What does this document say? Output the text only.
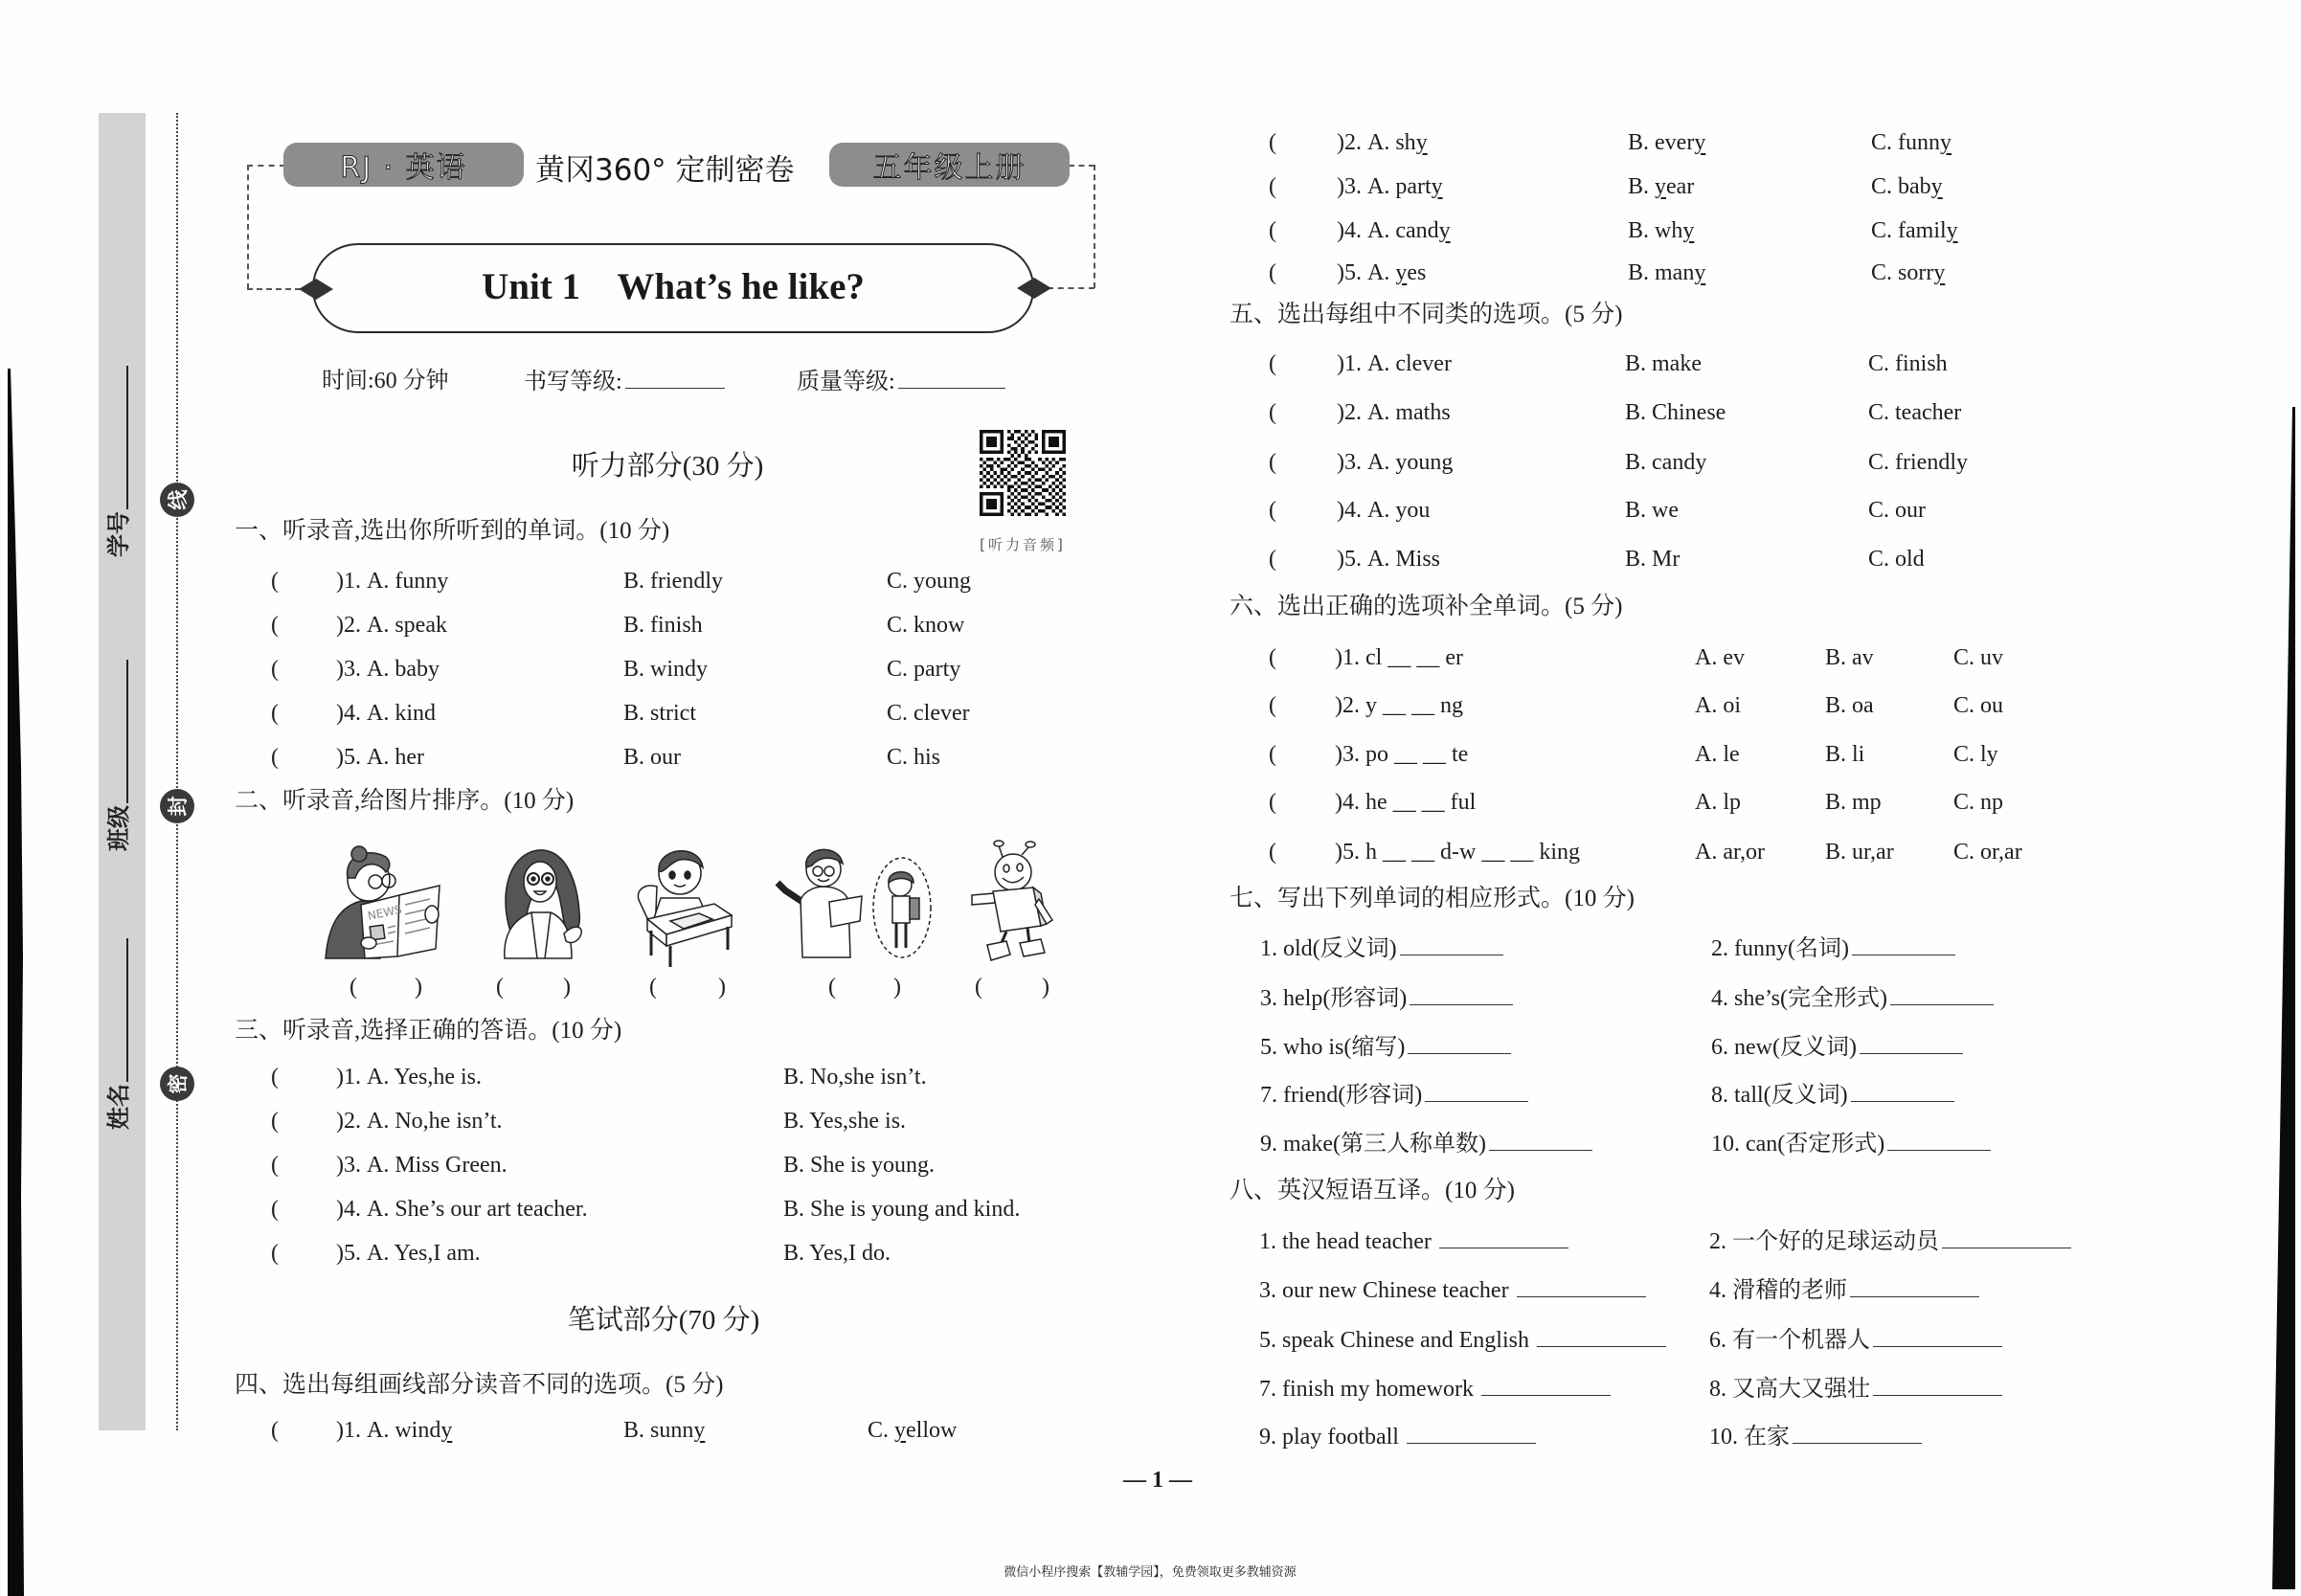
学号
班级
姓名
线
封
密
RJ · 英语	黄冈360° 定制密卷	五年级上册
Unit 1    What’s he like?
时间:60 分钟	书写等级:	质量等级:
听力部分(30 分)
[听力音频]
一、听录音,选出你所听到的单词。(10 分)
(	)1. A. funny	B. friendly	C. young
(	)2. A. speak	B. finish	C. know
(	)3. A. baby	B. windy	C. party
(	)4. A. kind	B. strict	C. clever
(	)5. A. her	B. our	C. his
二、听录音,给图片排序。(10 分)
NEWS
(	)	(	)	(	)	(	)	(	)
三、听录音,选择正确的答语。(10 分)
(	)1. A. Yes,he is.	B. No,she isn’t.
(	)2. A. No,he isn’t.	B. Yes,she is.
(	)3. A. Miss Green.	B. She is young.
(	)4. A. She’s our art teacher.	B. She is young and kind.
(	)5. A. Yes,I am.	B. Yes,I do.
笔试部分(70 分)
四、选出每组画线部分读音不同的选项。(5 分)
(	)1. A. windy	B. sunny	C. yellow
(	)2. A. shy	B. every	C. funny
(	)3. A. party	B. year	C. baby
(	)4. A. candy	B. why	C. family
(	)5. A. yes	B. many	C. sorry
五、选出每组中不同类的选项。(5 分)
(	)1. A. clever	B. make	C. finish
(	)2. A. maths	B. Chinese	C. teacher
(	)3. A. young	B. candy	C. friendly
(	)4. A. you	B. we	C. our
(	)5. A. Miss	B. Mr	C. old
六、选出正确的选项补全单词。(5 分)
(	)1. cl __ __ er	A. ev	B. av	C. uv
(	)2. y __ __ ng	A. oi	B. oa	C. ou
(	)3. po __ __ te	A. le	B. li	C. ly
(	)4. he __ __ ful	A. lp	B. mp	C. np
(	)5. h __ __ d-w __ __ king	A. ar,or	B. ur,ar	C. or,ar
七、写出下列单词的相应形式。(10 分)
1. old(反义词)	2. funny(名词)
3. help(形容词)	4. she’s(完全形式)
5. who is(缩写)	6. new(反义词)
7. friend(形容词)	8. tall(反义词)
9. make(第三人称单数)	10. can(否定形式)
八、英汉短语互译。(10 分)
1. the head teacher	2. 一个好的足球运动员
3. our new Chinese teacher	4. 滑稽的老师
5. speak Chinese and English	6. 有一个机器人
7. finish my homework	8. 又高大又强壮
9. play football	10. 在家
— 1 —
微信小程序搜索【教辅学园】，免费领取更多教辅资源
